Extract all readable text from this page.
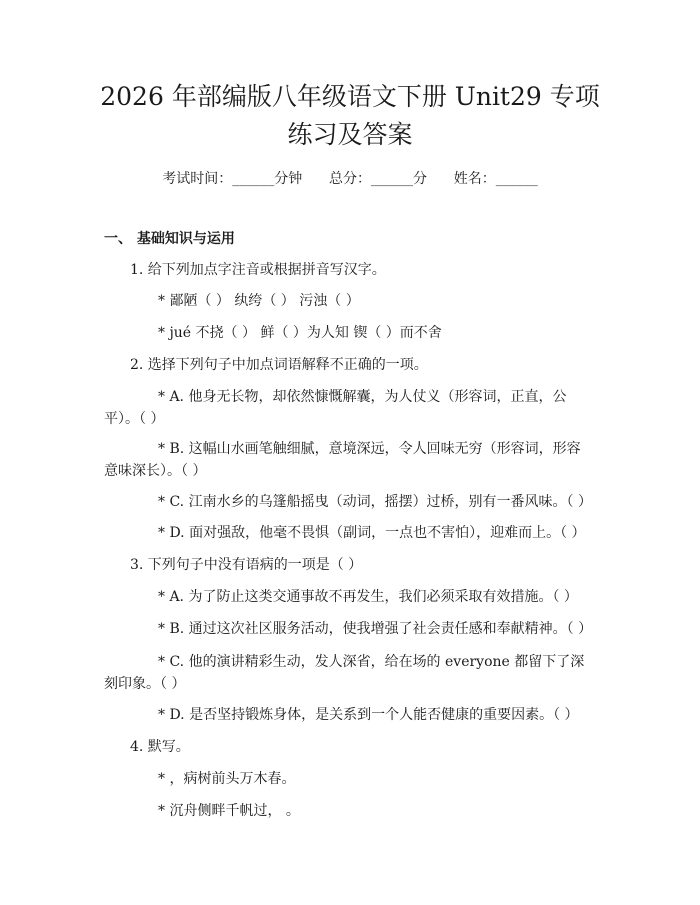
2026 年部编版八年级语文下册 Unit29 专项
练习及答案
考试时间：______分钟      总分：______分      姓名：______
一、 基础知识与运用
1. 给下列加点字注音或根据拼音写汉字。
* 鄙陋（ ） 纨绔（ ） 污浊（ ）
* jué 不挠（ ） 鲜（ ）为人知 锲（ ）而不舍
2. 选择下列句子中加点词语解释不正确的一项。
* A. 他身无长物，却依然慷慨解囊，为人仗义（形容词，正直，公
平）。（ ）
* B. 这幅山水画笔触细腻，意境深远，令人回味无穷（形容词，形容
意味深长）。（ ）
* C. 江南水乡的乌篷船摇曳（动词，摇摆）过桥，别有一番风味。（ ）
* D. 面对强敌，他毫不畏惧（副词，一点也不害怕），迎难而上。（ ）
3. 下列句子中没有语病的一项是（ ）
* A. 为了防止这类交通事故不再发生，我们必须采取有效措施。（ ）
* B. 通过这次社区服务活动，使我增强了社会责任感和奉献精神。（ ）
* C. 他的演讲精彩生动，发人深省，给在场的 everyone 都留下了深
刻印象。（ ）
* D. 是否坚持锻炼身体，是关系到一个人能否健康的重要因素。（ ）
4. 默写。
* ，病树前头万木春。
* 沉舟侧畔千帆过， 。
